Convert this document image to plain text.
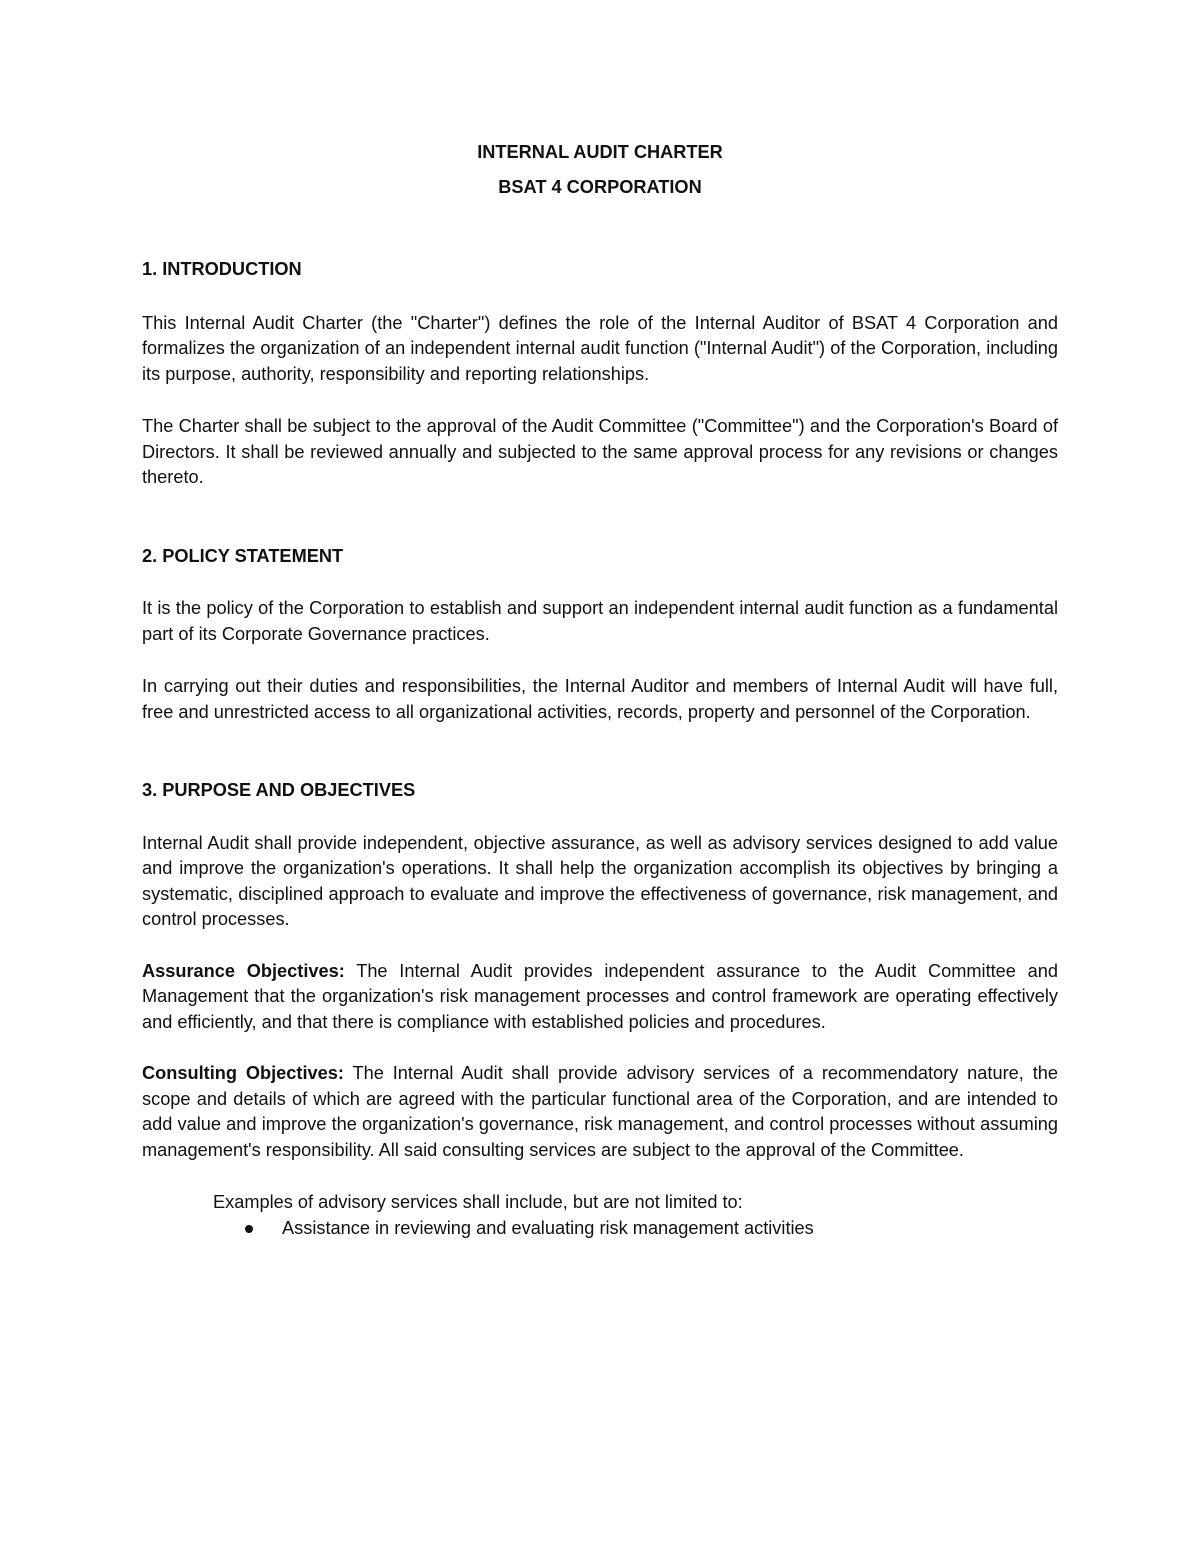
INTERNAL AUDIT CHARTER

BSAT 4 CORPORATION

1. INTRODUCTION

This Internal Audit Charter (the "Charter") defines the role of the Internal Auditor of BSAT 4 Corporation and formalizes the organization of an independent internal audit function ("Internal Audit") of the Corporation, including its purpose, authority, responsibility and reporting relationships.

The Charter shall be subject to the approval of the Audit Committee ("Committee") and the Corporation's Board of Directors. It shall be reviewed annually and subjected to the same approval process for any revisions or changes thereto.

2. POLICY STATEMENT

It is the policy of the Corporation to establish and support an independent internal audit function as a fundamental part of its Corporate Governance practices.

In carrying out their duties and responsibilities, the Internal Auditor and members of Internal Audit will have full, free and unrestricted access to all organizational activities, records, property and personnel of the Corporation.

3. PURPOSE AND OBJECTIVES

Internal Audit shall provide independent, objective assurance, as well as advisory services designed to add value and improve the organization's operations. It shall help the organization accomplish its objectives by bringing a systematic, disciplined approach to evaluate and improve the effectiveness of governance, risk management, and control processes.

Assurance Objectives: The Internal Audit provides independent assurance to the Audit Committee and Management that the organization's risk management processes and control framework are operating effectively and efficiently, and that there is compliance with established policies and procedures.

Consulting Objectives: The Internal Audit shall provide advisory services of a recommendatory nature, the scope and details of which are agreed with the particular functional area of the Corporation, and are intended to add value and improve the organization's governance, risk management, and control processes without assuming management's responsibility. All said consulting services are subject to the approval of the Committee.

Examples of advisory services shall include, but are not limited to:

Assistance in reviewing and evaluating risk management activities
